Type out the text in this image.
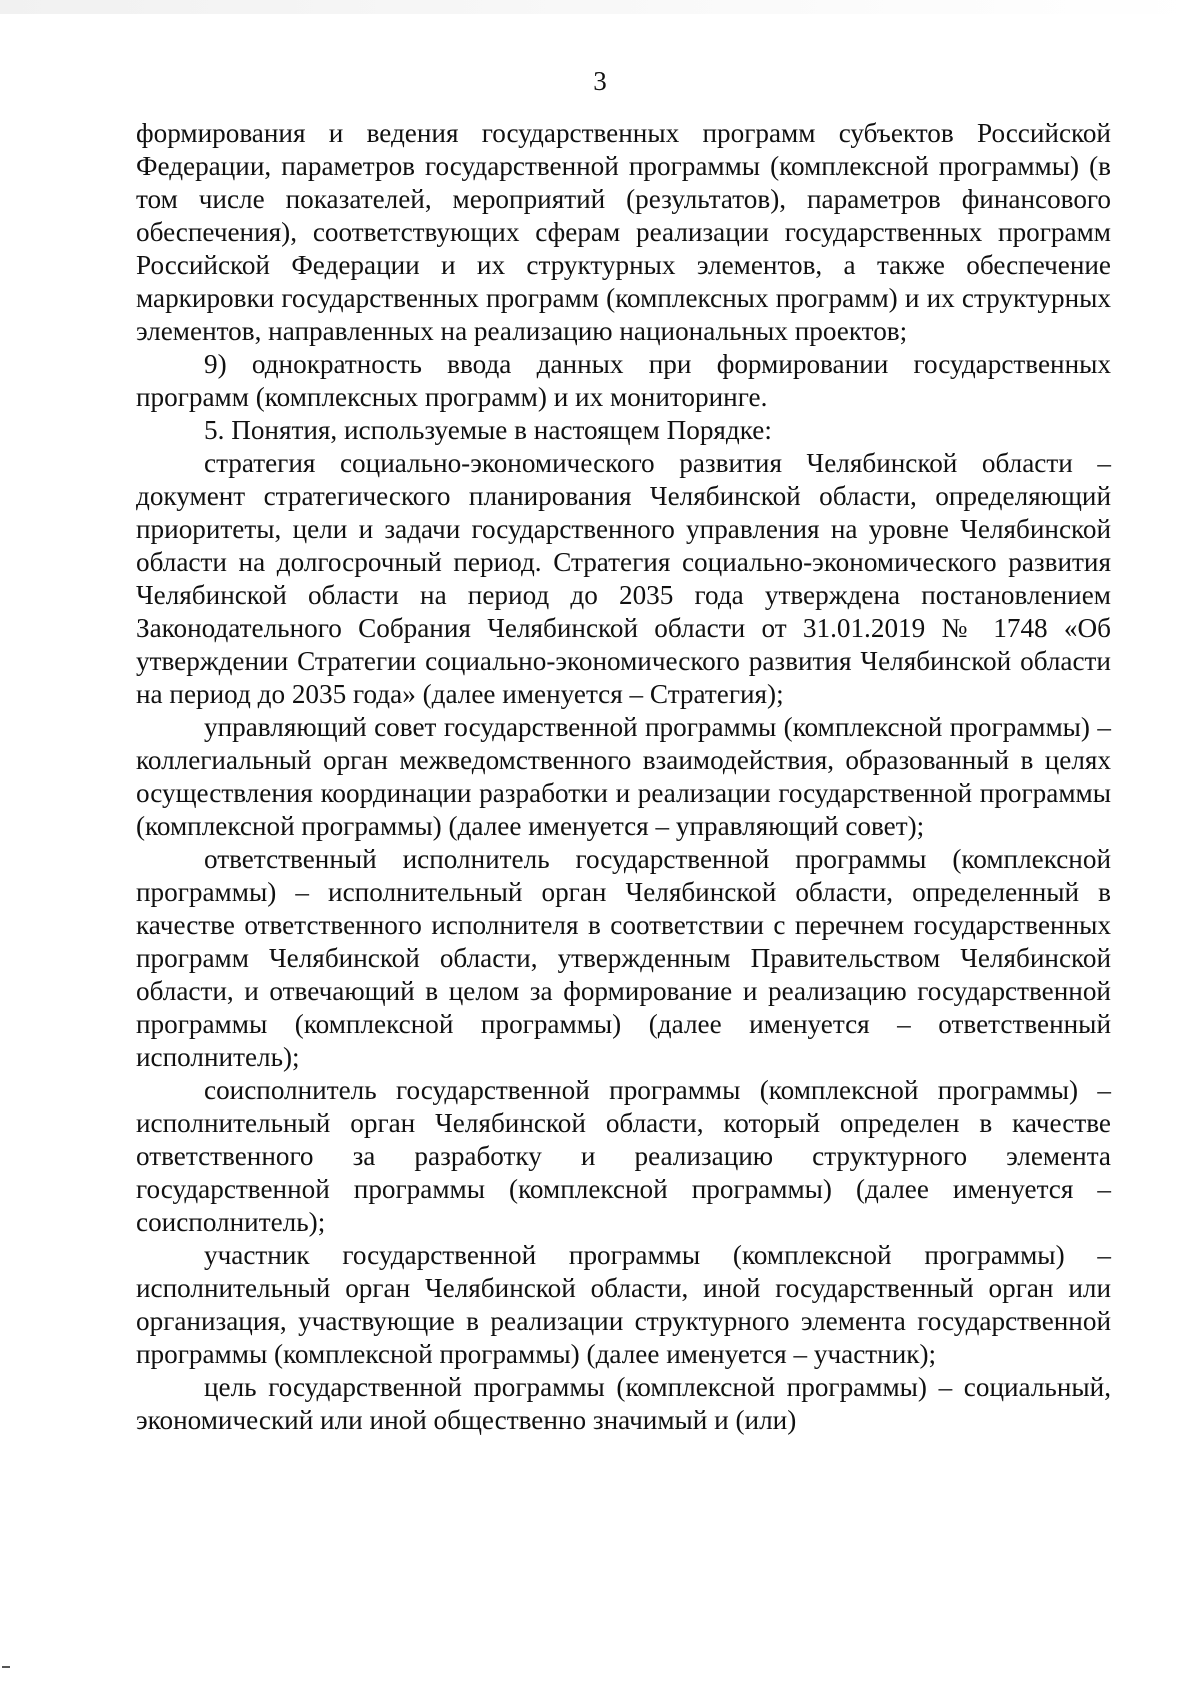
3

формирования и ведения государственных программ субъектов Российской Федерации, параметров государственной программы (комплексной программы) (в том числе показателей, мероприятий (результатов), параметров финансового обеспечения), соответствующих сферам реализации государственных программ Российской Федерации и их структурных элементов, а также обеспечение маркировки государственных программ (комплексных программ) и их структурных элементов, направленных на реализацию национальных проектов;

9) однократность ввода данных при формировании государственных программ (комплексных программ) и их мониторинге.

5. Понятия, используемые в настоящем Порядке:

стратегия социально-экономического развития Челябинской области – документ стратегического планирования Челябинской области, определяющий приоритеты, цели и задачи государственного управления на уровне Челябинской области на долгосрочный период. Стратегия социально-экономического развития Челябинской области на период до 2035 года утверждена постановлением Законодательного Собрания Челябинской области от 31.01.2019 № 1748 «Об утверждении Стратегии социально-экономического развития Челябинской области на период до 2035 года» (далее именуется – Стратегия);

управляющий совет государственной программы (комплексной программы) – коллегиальный орган межведомственного взаимодействия, образованный в целях осуществления координации разработки и реализации государственной программы (комплексной программы) (далее именуется – управляющий совет);

ответственный исполнитель государственной программы (комплексной программы) – исполнительный орган Челябинской области, определенный в качестве ответственного исполнителя в соответствии с перечнем государственных программ Челябинской области, утвержденным Правительством Челябинской области, и отвечающий в целом за формирование и реализацию государственной программы (комплексной программы) (далее именуется – ответственный исполнитель);

соисполнитель государственной программы (комплексной программы) – исполнительный орган Челябинской области, который определен в качестве ответственного за разработку и реализацию структурного элемента государственной программы (комплексной программы) (далее именуется – соисполнитель);

участник государственной программы (комплексной программы) – исполнительный орган Челябинской области, иной государственный орган или организация, участвующие в реализации структурного элемента государственной программы (комплексной программы) (далее именуется – участник);

цель государственной программы (комплексной программы) – социальный, экономический или иной общественно значимый и (или)
